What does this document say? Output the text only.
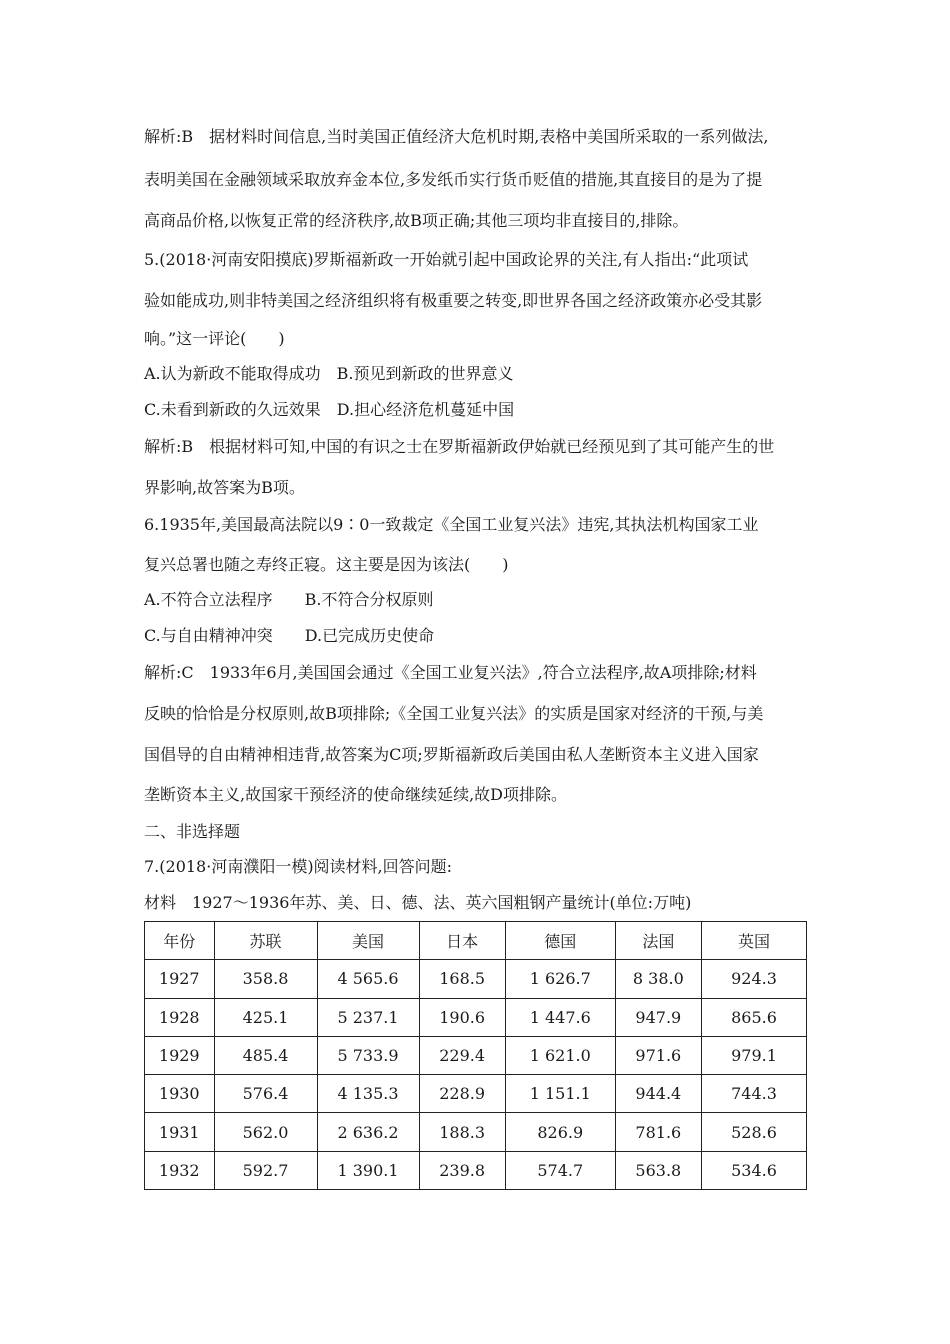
解析:B　据材料时间信息,当时美国正值经济大危机时期,表格中美国所采取的一系列做法,
表明美国在金融领域采取放弃金本位,多发纸币实行货币贬值的措施,其直接目的是为了提
高商品价格,以恢复正常的经济秩序,故B项正确;其他三项均非直接目的,排除。
5.(2018·河南安阳摸底)罗斯福新政一开始就引起中国政论界的关注,有人指出:“此项试
验如能成功,则非特美国之经济组织将有极重要之转变,即世界各国之经济政策亦必受其影
响。”这一评论(　　)
A.认为新政不能取得成功　B.预见到新政的世界意义
C.未看到新政的久远效果　D.担心经济危机蔓延中国
解析:B　根据材料可知,中国的有识之士在罗斯福新政伊始就已经预见到了其可能产生的世
界影响,故答案为B项。
6.1935年,美国最高法院以9∶0一致裁定《全国工业复兴法》违宪,其执法机构国家工业
复兴总署也随之寿终正寝。这主要是因为该法(　　)
A.不符合立法程序　　B.不符合分权原则
C.与自由精神冲突　　D.已完成历史使命
解析:C　1933年6月,美国国会通过《全国工业复兴法》,符合立法程序,故A项排除;材料
反映的恰恰是分权原则,故B项排除;《全国工业复兴法》的实质是国家对经济的干预,与美
国倡导的自由精神相违背,故答案为C项;罗斯福新政后美国由私人垄断资本主义进入国家
垄断资本主义,故国家干预经济的使命继续延续,故D项排除。
二、非选择题
7.(2018·河南濮阳一模)阅读材料,回答问题:
材料　1927～1936年苏、美、日、德、法、英六国粗钢产量统计(单位:万吨)
年份	苏联	美国	日本	德国	法国	英国
1927	358.8	4 565.6	168.5	1 626.7	8 38.0	924.3
1928	425.1	5 237.1	190.6	1 447.6	947.9	865.6
1929	485.4	5 733.9	229.4	1 621.0	971.6	979.1
1930	576.4	4 135.3	228.9	1 151.1	944.4	744.3
1931	562.0	2 636.2	188.3	826.9	781.6	528.6
1932	592.7	1 390.1	239.8	574.7	563.8	534.6
